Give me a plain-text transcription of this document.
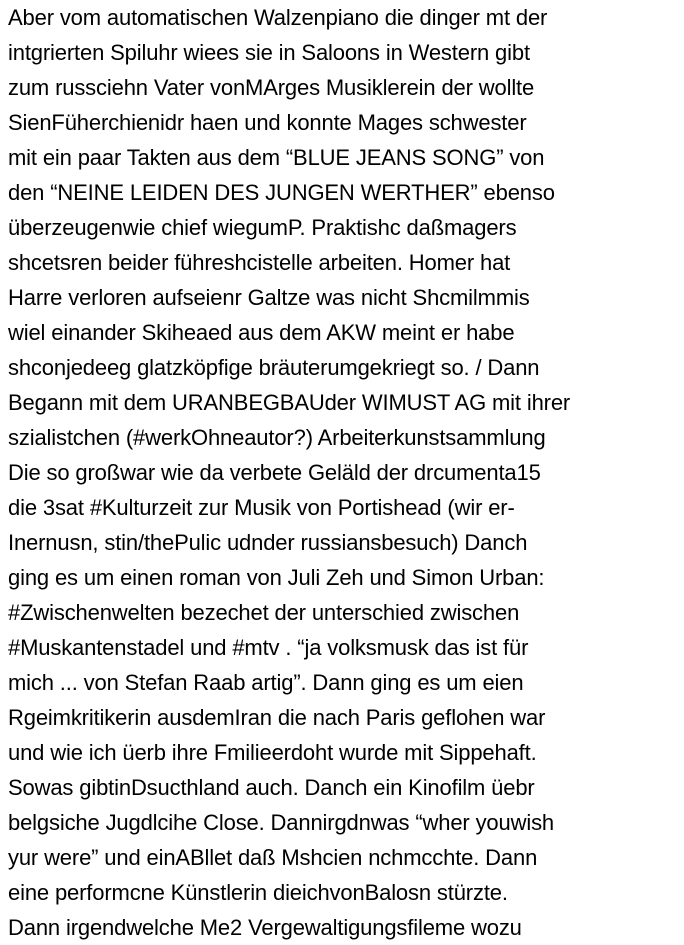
Aber vom automatischen Walzenpiano die dinger mt der
intgrierten Spiluhr wiees sie in Saloons in Western gibt
zum russciehn Vater vonMArges Musiklerein der wollte
SienFüherchienidr haen und konnte Mages schwester
mit ein paar Takten aus dem “BLUE JEANS SONG” von
den “NEINE LEIDEN DES JUNGEN WERTHER” ebenso
überzeugenwie chief wiegumP. Praktishc daßmagers
shcetsren beider führeshcistelle arbeiten. Homer hat
Harre verloren aufseienr Galtze was nicht Shcmilmmis
wiel einander Skiheaed aus dem AKW meint er habe
shconjedeeg glatzköpfige bräuterumgekriegt so. / Dann
Begann mit dem URANBEGBAUder WIMUST AG mit ihrer
szialistchen (#werkOhneautor?) Arbeiterkunstsammlung
Die so großwar wie da verbete Geläld der drcumenta15
die 3sat #Kulturzeit zur Musik von Portishead (wir er-
Inernusn, stin/thePulic udnder russiansbesuch) Danch
ging es um einen roman von Juli Zeh und Simon Urban:
#Zwischenwelten bezechet der unterschied zwischen
#Muskantenstadel und #mtv . “ja volksmusk das ist für
mich ... von Stefan Raab artig”. Dann ging es um eien
Rgeimkritikerin ausdemIran die nach Paris geflohen war
und wie ich üerb ihre Fmilieerdoht wurde mit Sippehaft.
Sowas gibtinDsucthland auch. Danch ein Kinofilm üebr
belgsiche Jugdlcihe Close. Dannirgdnwas “wher youwish
yur were” und einABllet daß Mshcien nchmcchte. Dann
eine performcne Künstlerin dieichvonBalosn stürzte.
Dann irgendwelche Me2 Vergewaltigungsfileme wozu
